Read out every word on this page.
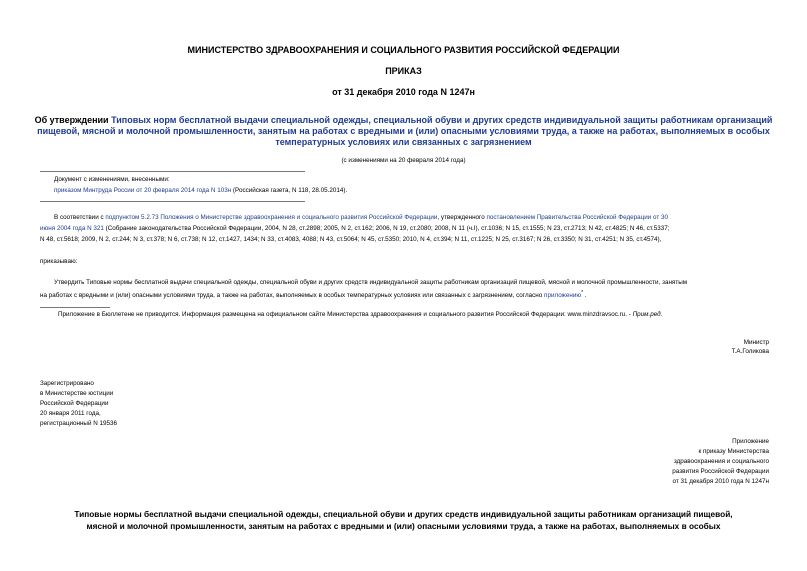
МИНИСТЕРСТВО ЗДРАВООХРАНЕНИЯ И СОЦИАЛЬНОГО РАЗВИТИЯ РОССИЙСКОЙ ФЕДЕРАЦИИ
ПРИКАЗ
от 31 декабря 2010 года N 1247н
Об утверждении Типовых норм бесплатной выдачи специальной одежды, специальной обуви и других средств индивидуальной защиты работникам организаций
пищевой, мясной и молочной промышленности, занятым на работах с вредными и (или) опасными условиями труда, а также на работах, выполняемых в особых
температурных условиях или связанных с загрязнением
(с изменениями на 20 февраля 2014 года)
Документ с изменениями, внесенными:
приказом Минтруда России от 20 февраля 2014 года N 103н (Российская газета, N 118, 28.05.2014).
В соответствии с подпунктом 5.2.73 Положения о Министерстве здравоохранения и социального развития Российской Федерации, утвержденного постановлением Правительства Российской Федерации от 30
июня 2004 года N 321 (Собрание законодательства Российской Федерации, 2004, N 28, ст.2898; 2005, N 2, ст.162; 2006, N 19, ст.2080; 2008, N 11 (ч.I), ст.1036; N 15, ст.1555; N 23, ст.2713; N 42, ст.4825; N 46, ст.5337;
N 48, ст.5618; 2009, N 2, ст.244; N 3, ст.378; N 6, ст.738; N 12, ст.1427, 1434; N 33, ст.4083, 4088; N 43, ст.5064; N 45, ст.5350; 2010, N 4, ст.394; N 11, ст.1225; N 25, ст.3167; N 26, ст.3350; N 31, ст.4251; N 35, ст.4574),
приказываю:
Утвердить Типовые нормы бесплатной выдачи специальной одежды, специальной обуви и других средств индивидуальной защиты работникам организаций пищевой, мясной и молочной промышленности, занятым
на работах с вредными и (или) опасными условиями труда, а также на работах, выполняемых в особых температурных условиях или связанных с загрязнением, согласно приложению* .
Приложение в Бюллетене не приводится. Информация размещена на официальном сайте Министерства здравоохранения и социального развития Российской Федерации: www.minzdravsoc.ru. - Прим.ред.
Министр
Т.А.Голикова
Зарегистрировано
в Министерстве юстиции
Российской Федерации
20 января 2011 года,
регистрационный N 19536
Приложение
к приказу Министерства
здравоохранения и социального
развития Российской Федерации
от 31 декабря 2010 года N 1247н
Типовые нормы бесплатной выдачи специальной одежды, специальной обуви и других средств индивидуальной защиты работникам организаций пищевой,
мясной и молочной промышленности, занятым на работах с вредными и (или) опасными условиями труда, а также на работах, выполняемых в особых
